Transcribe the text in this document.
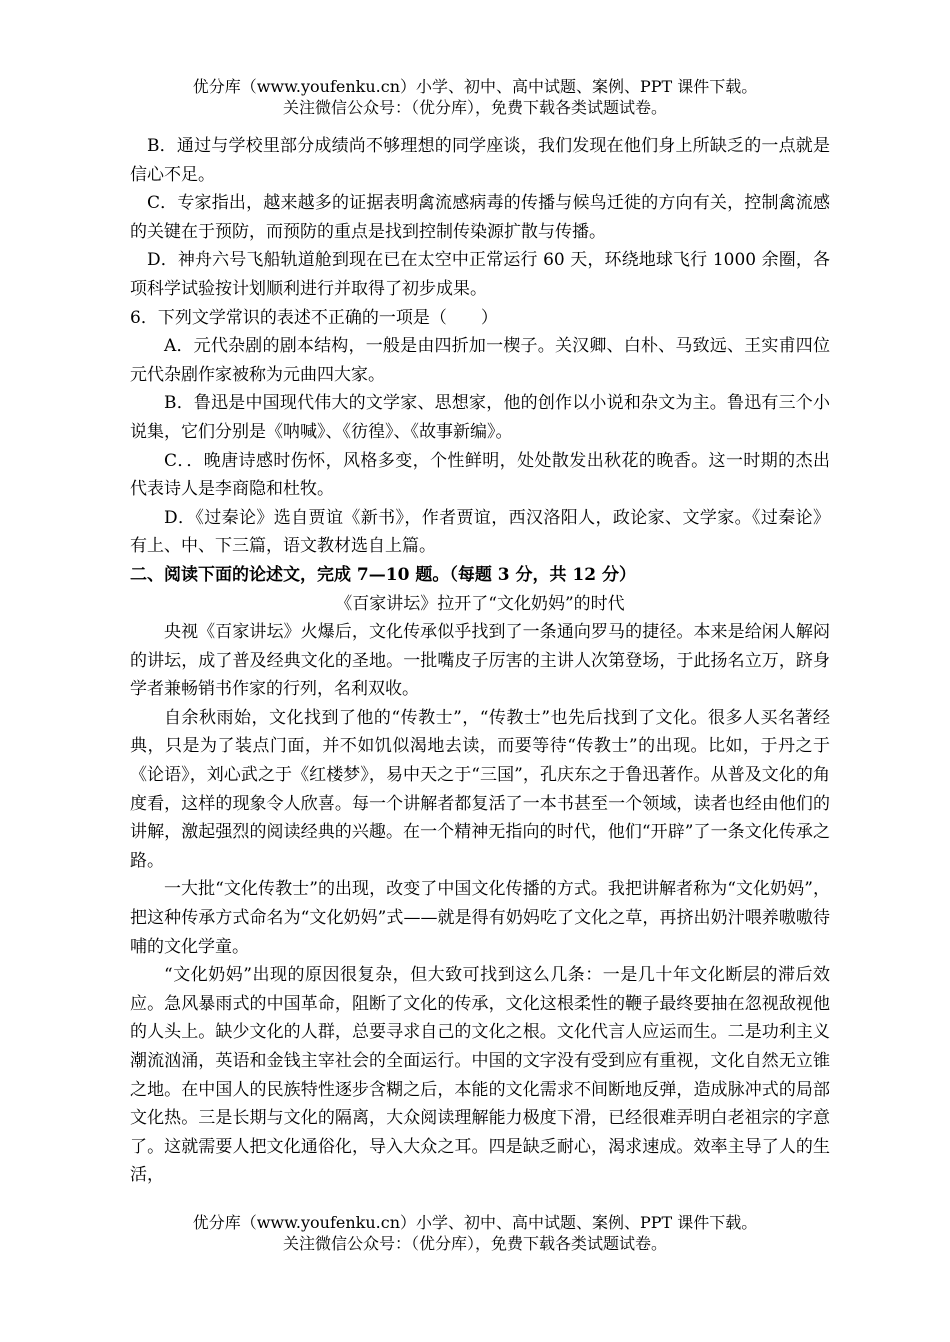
优分库（www.youfenku.cn）小学、初中、高中试题、案例、PPT 课件下载。
关注微信公众号：（优分库），免费下载各类试题试卷。

B．通过与学校里部分成绩尚不够理想的同学座谈，我们发现在他们身上所缺乏的一点就是信心不足。

C．专家指出，越来越多的证据表明禽流感病毒的传播与候鸟迁徙的方向有关，控制禽流感的关键在于预防，而预防的重点是找到控制传染源扩散与传播。

D．神舟六号飞船轨道舱到现在已在太空中正常运行 60 天，环绕地球飞行 1000 余圈，各项科学试验按计划顺利进行并取得了初步成果。

6．下列文学常识的表述不正确的一项是（　　）

A．元代杂剧的剧本结构，一般是由四折加一楔子。关汉卿、白朴、马致远、王实甫四位元代杂剧作家被称为元曲四大家。

B．鲁迅是中国现代伟大的文学家、思想家，他的创作以小说和杂文为主。鲁迅有三个小说集，它们分别是《呐喊》、《彷徨》、《故事新编》。

C．．晚唐诗感时伤怀，风格多变，个性鲜明，处处散发出秋花的晚香。这一时期的杰出代表诗人是李商隐和杜牧。

D．《过秦论》选自贾谊《新书》，作者贾谊，西汉洛阳人，政论家、文学家。《过秦论》有上、中、下三篇，语文教材选自上篇。

二、阅读下面的论述文，完成 7—10 题。（每题 3 分，共 12 分）

《百家讲坛》拉开了“文化奶妈”的时代

央视《百家讲坛》火爆后，文化传承似乎找到了一条通向罗马的捷径。本来是给闲人解闷的讲坛，成了普及经典文化的圣地。一批嘴皮子厉害的主讲人次第登场，于此扬名立万，跻身学者兼畅销书作家的行列，名利双收。

自余秋雨始，文化找到了他的“传教士”，“传教士”也先后找到了文化。很多人买名著经典，只是为了装点门面，并不如饥似渴地去读，而要等待“传教士”的出现。比如，于丹之于《论语》，刘心武之于《红楼梦》，易中天之于“三国”，孔庆东之于鲁迅著作。从普及文化的角度看，这样的现象令人欣喜。每一个讲解者都复活了一本书甚至一个领域，读者也经由他们的讲解，激起强烈的阅读经典的兴趣。在一个精神无指向的时代，他们“开辟”了一条文化传承之路。

一大批“文化传教士”的出现，改变了中国文化传播的方式。我把讲解者称为“文化奶妈”，把这种传承方式命名为“文化奶妈”式——就是得有奶妈吃了文化之草，再挤出奶汁喂养嗷嗷待哺的文化学童。

“文化奶妈”出现的原因很复杂，但大致可找到这么几条：一是几十年文化断层的滞后效应。急风暴雨式的中国革命，阻断了文化的传承，文化这根柔性的鞭子最终要抽在忽视敌视他的人头上。缺少文化的人群，总要寻求自己的文化之根。文化代言人应运而生。二是功利主义潮流汹涌，英语和金钱主宰社会的全面运行。中国的文字没有受到应有重视，文化自然无立锥之地。在中国人的民族特性逐步含糊之后，本能的文化需求不间断地反弹，造成脉冲式的局部文化热。三是长期与文化的隔离，大众阅读理解能力极度下滑，已经很难弄明白老祖宗的字意了。这就需要人把文化通俗化，导入大众之耳。四是缺乏耐心，渴求速成。效率主导了人的生活，

优分库（www.youfenku.cn）小学、初中、高中试题、案例、PPT 课件下载。
关注微信公众号：（优分库），免费下载各类试题试卷。
